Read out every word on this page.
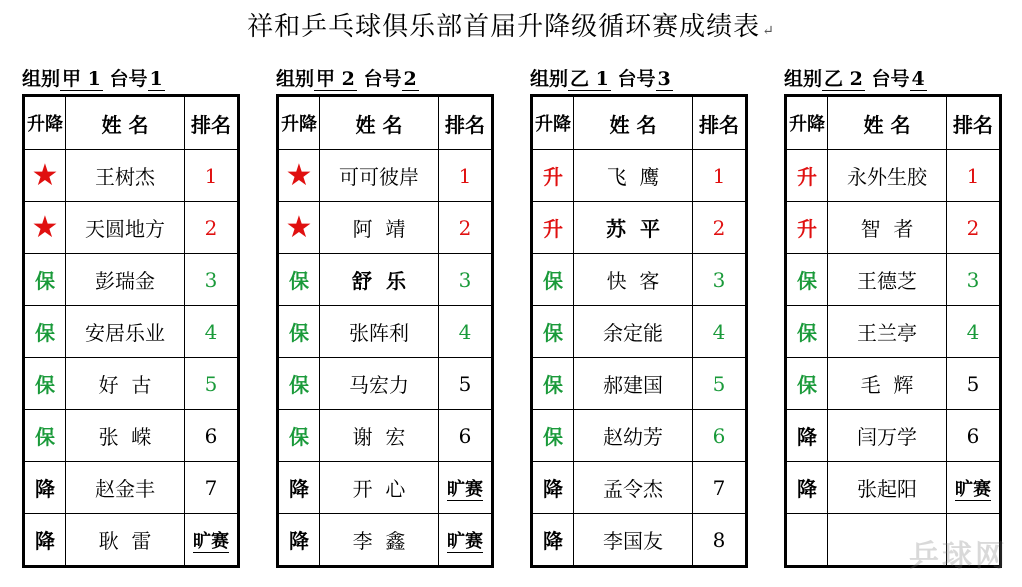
祥和乒乓球俱乐部首届升降级循环赛成绩表 ↵
组别 甲 1 台号 1
升降	姓 名	排名
★	王树杰	1
★	天圆地方	2
保	彭瑞金	3
保	安居乐业	4
保	好  古	5
保	张  嵘	6
降	赵金丰	7
降	耿  雷	旷赛
组别 甲 2 台号 2
升降	姓 名	排名
★	可可彼岸	1
★	阿  靖	2
保	舒  乐	3
保	张阵利	4
保	马宏力	5
保	谢  宏	6
降	开  心	旷赛
降	李  鑫	旷赛
组别 乙 1 台号 3
升降	姓 名	排名
升	飞  鹰	1
升	苏  平	2
保	快  客	3
保	余定能	4
保	郝建国	5
保	赵幼芳	6
降	孟令杰	7
降	李国友	8
组别 乙 2 台号 4
升降	姓 名	排名
升	永外生胶	1
升	智  者	2
保	王德芝	3
保	王兰亭	4
保	毛  辉	5
降	闫万学	6
降	张起阳	旷赛

乒球网
